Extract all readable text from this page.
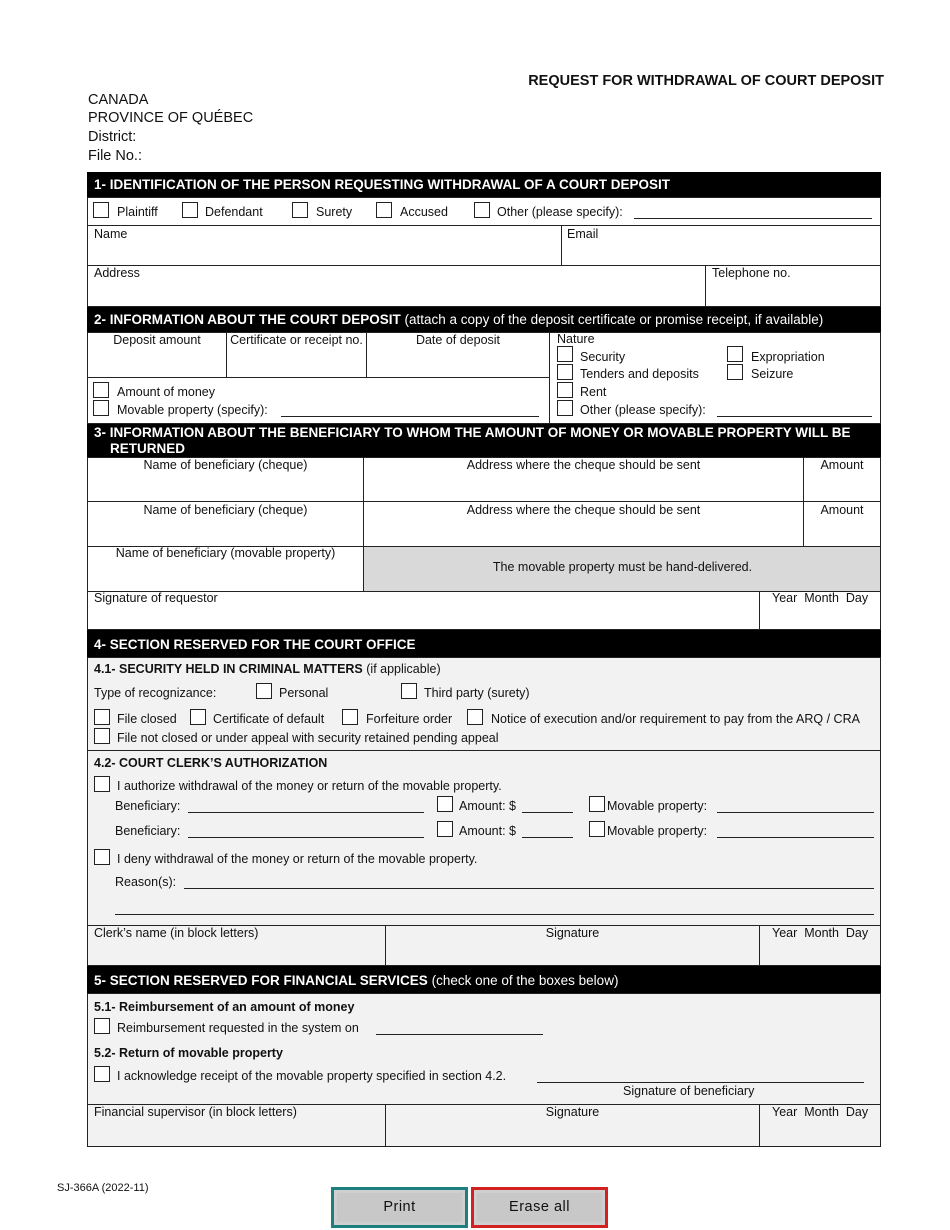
REQUEST FOR WITHDRAWAL OF COURT DEPOSIT
CANADA
PROVINCE OF QUÉBEC
District:
File No.:
1- IDENTIFICATION OF THE PERSON REQUESTING WITHDRAWAL OF A COURT DEPOSIT
Plaintiff	Defendant	Surety	Accused	Other (please specify):
Name	Email
Address	Telephone no.
2- INFORMATION ABOUT THE COURT DEPOSIT (attach a copy of the deposit certificate or promise receipt, if available)
Deposit amount	Certificate or receipt no.	Date of deposit
Amount of money
Movable property (specify):
Nature
Security
Tenders and deposits
Rent
Other (please specify):
Expropriation
Seizure
3- INFORMATION ABOUT THE BENEFICIARY TO WHOM THE AMOUNT OF MONEY OR MOVABLE PROPERTY WILL BE RETURNED
Name of beneficiary (cheque)	Address where the cheque should be sent	Amount
Name of beneficiary (cheque)	Address where the cheque should be sent	Amount
Name of beneficiary (movable property)
The movable property must be hand-delivered.
Signature of requestor	Year  Month  Day
4- SECTION RESERVED FOR THE COURT OFFICE
4.1- SECURITY HELD IN CRIMINAL MATTERS (if applicable)
Type of recognizance:	Personal	Third party (surety)
File closed	Certificate of default	Forfeiture order	Notice of execution and/or requirement to pay from the ARQ / CRA
File not closed or under appeal with security retained pending appeal
4.2- COURT CLERK’S AUTHORIZATION
I authorize withdrawal of the money or return of the movable property.
Beneficiary:	Amount: $	Movable property:
Beneficiary:	Amount: $	Movable property:
I deny withdrawal of the money or return of the movable property.
Reason(s):
Clerk’s name (in block letters)	Signature	Year  Month  Day
5- SECTION RESERVED FOR FINANCIAL SERVICES (check one of the boxes below)
5.1- Reimbursement of an amount of money
Reimbursement requested in the system on
5.2- Return of movable property
I acknowledge receipt of the movable property specified in section 4.2.
Signature of beneficiary
Financial supervisor (in block letters)	Signature	Year  Month  Day
SJ-366A (2022-11)
Print	Erase all
